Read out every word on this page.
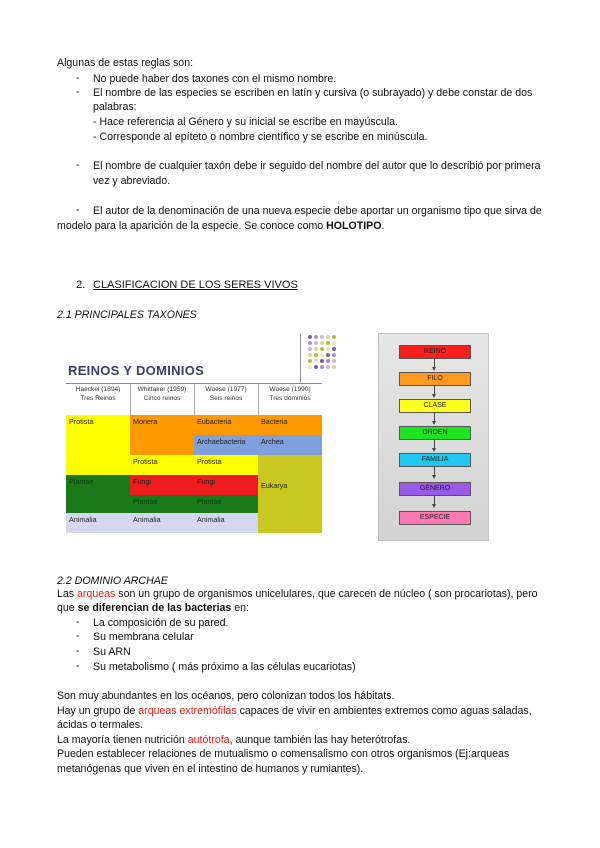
Algunas de estas reglas son:
- No puede haber dos taxones con el mismo nombre.
- El nombre de las especies se escriben en latín y cursiva (o subrayado) y debe constar de dos
palabras:
- Hace referencia al Género y su inicial se escribe en mayúscula.
- Corresponde al epíteto o nombre científico y se escribe en minúscula.
- El nombre de cualquier taxón debe ir seguido del nombre del autor que lo describió por primera
vez y abreviado.
- El autor de la denominación de una nueva especie debe aportar un organismo tipo que sirva de
modelo para la aparición de la especie. Se conoce como HOLOTIPO.
2. CLASIFICACION DE LOS SERES VIVOS
2.1 PRINCIPALES TAXONES
REINOS Y DOMINIOS
Haeckel (1894)
Tres Reinos
Whittaker (1959)
Cinco reinos
Woese (1977)
Seis reinos
Woese (1990)
Tres dominios
Protista
Plantae
Animalia
Monera
Protista
Fungi
Plantae
Animalia
Eubacteria
Archaebacteria
Protista
Fungi
Plantae
Animalia
Bacteria
Archea
Eukarya
REINO
FILO
CLASE
ORDEN
FAMILIA
GÉNERO
ESPECIE
2.2 DOMINIO ARCHAE
Las arqueas son un grupo de organismos unicelulares, que carecen de núcleo ( son procariotas), pero
que se diferencian de las bacterias en:
- La composición de su pared.
- Su membrana celular
- Su ARN
- Su metabolismo ( más próximo a las células eucariotas)
Son muy abundantes en los océanos, pero colonizan todos los hábitats.
Hay un grupo de arqueas extremófilas capaces de vivir en ambientes extremos como aguas saladas,
ácidas o termales.
La mayoría tienen nutrición autótrofa, aunque también las hay heterótrofas.
Pueden establecer relaciones de mutualismo o comensalismo con otros organismos (Ej:arqueas
metanógenas que viven en el intestino de humanos y rumiantes).
